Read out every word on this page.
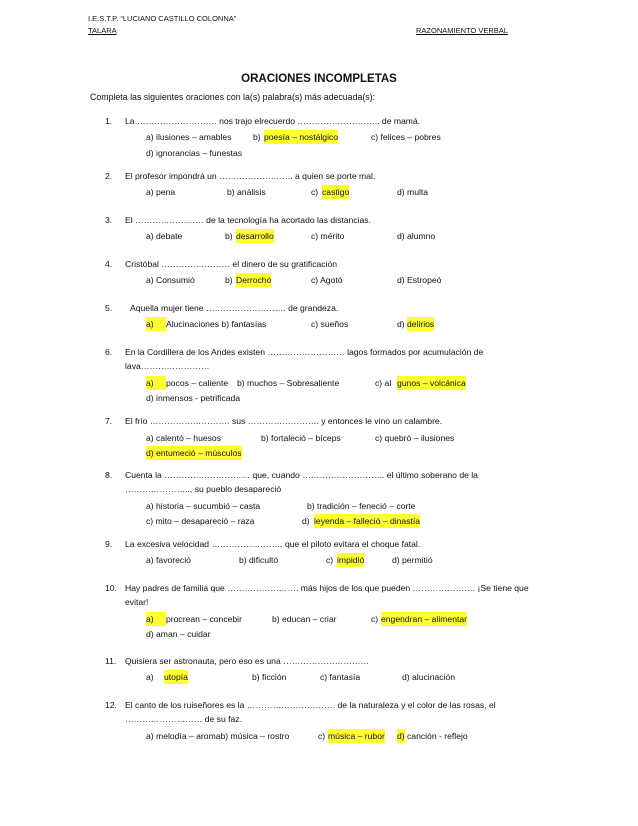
I.E.S.T.P. “LUCIANO CASTILLO COLONNA”
TALARA	RAZONAMIENTO VERBAL
ORACIONES INCOMPLETAS
Completa las siguientes oraciones con la(s) palabra(s) más adecuada(s):
1.	La ………………………. nos trajo elrecuerdo ……………………….. de mamá.
a) ilusiones – amables b) poesía – nostálgico	c) felices – pobres
d) ignorancias – funestas
2.	El profesor impondrá un …………………….. a quien se porte mal.
a) pena	b) análisis	c) castigo	d) multa
3.	El …………………… de la tecnología ha acortado las distancias.
a) debate	b) desarrollo	c) mérito	d) alumno
4.	Cristóbal …………………… el dinero de su gratificación
a) Consumió	b) Derrochó	c) Agotó	d) Estropeó
5.	Aquella mujer tiene ………………………. de grandeza.
a)	Alucinaciones b) fantasías	c) sueños	d) delirios
6.	En la Cordillera de los Andes existen ……………………… lagos formados por acumulación de lava……………………
a)	pocos – caliente b) muchos – Sobresaliente	c) al gunos – volcánica
d) inmensos - petrificada
7.	El frío ………………………. sus ……………………. y entonces le vino un calambre.
a) calentó – huesos	b) fortaleció – bíceps	c) quebró – ilusiones
d) entumeció – músculos
8.	Cuenta la ………………………… que, cuando ……………………….. el último soberano de la ………………….., su pueblo desapareció
a) historia – sucumbió – casta	b) tradición – feneció – corte
c) mito – desapareció – raza	d) leyenda – falleció – dinastía
9.	La excesiva velocidad ……………………. que el piloto evitara el choque fatal.
a) favoreció	b) dificultó	c) impidió	d) permitió
10. Hay padres de familia que ……………………. más hijos de los que pueden …………………. ¡Se tiene que evitar!
a)	procrean – concebir	b) educan – criar	c) engendran – alimentar
d) aman – cuidar
11.	Quisiera ser astronauta, pero eso es una …………………………
a) utopía	b) ficción	c) fantasía	d) alucinación
12. El canto de los ruiseñores es la …………………………. de la naturaleza y el color de las rosas, el ……………………… de su faz.
a) melodía – aromab) música – rostro	c) música – rubor d) canción - reflejo
